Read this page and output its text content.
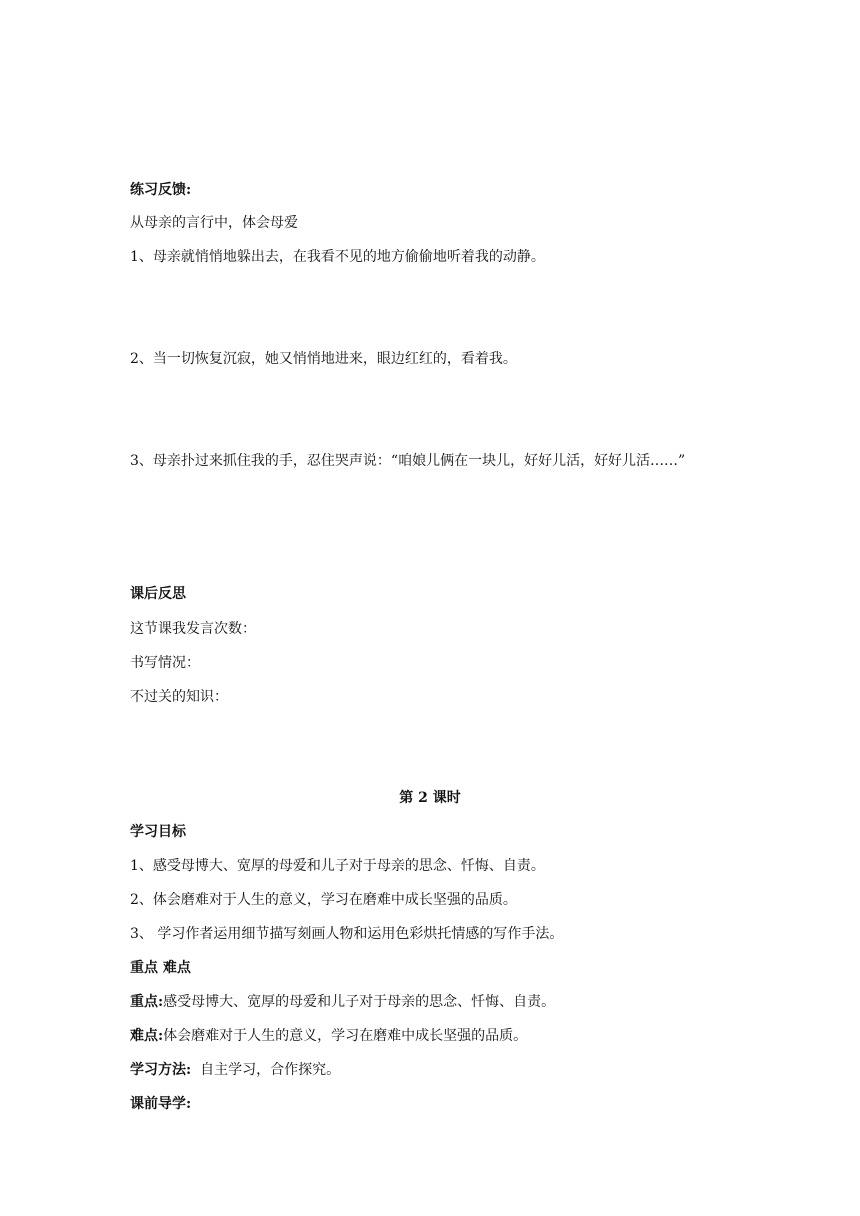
练习反馈:
从母亲的言行中，体会母爱
1、母亲就悄悄地躲出去，在我看不见的地方偷偷地听着我的动静。
2、当一切恢复沉寂，她又悄悄地进来，眼边红红的，看着我。
3、母亲扑过来抓住我的手，忍住哭声说：“咱娘儿俩在一块儿，好好儿活，好好儿活……”
课后反思
这节课我发言次数：
书写情况：
不过关的知识：
第 2 课时
学习目标
1、感受母博大、宽厚的母爱和儿子对于母亲的思念、忏悔、自责。
2、体会磨难对于人生的意义，学习在磨难中成长坚强的品质。
3、 学习作者运用细节描写刻画人物和运用色彩烘托情感的写作手法。
重点 难点
重点:感受母博大、宽厚的母爱和儿子对于母亲的思念、忏悔、自责。
难点:体会磨难对于人生的意义，学习在磨难中成长坚强的品质。
学习方法:  自主学习，合作探究。
课前导学:
